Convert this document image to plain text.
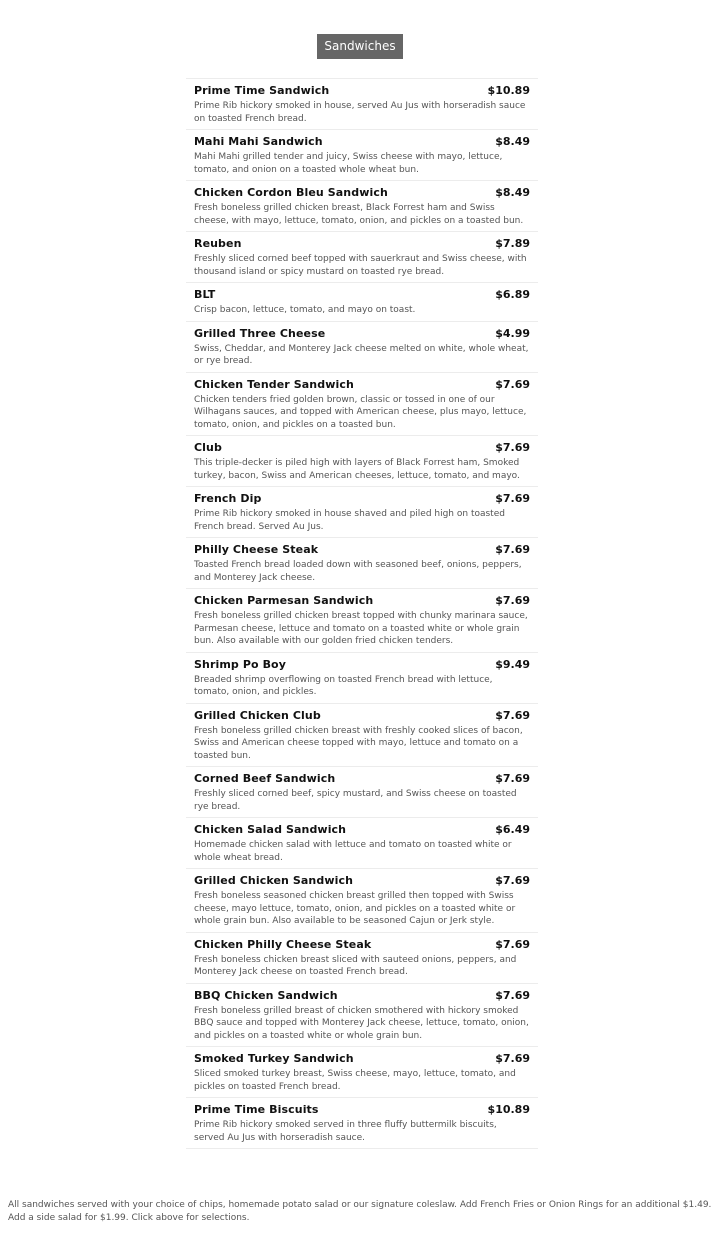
Sandwiches
Prime Time Sandwich	$10.89
Prime Rib hickory smoked in house, served Au Jus with horseradish sauce on toasted French bread.
Mahi Mahi Sandwich	$8.49
Mahi Mahi grilled tender and juicy, Swiss cheese with mayo, lettuce, tomato, and onion on a toasted whole wheat bun.
Chicken Cordon Bleu Sandwich	$8.49
Fresh boneless grilled chicken breast, Black Forrest ham and Swiss cheese, with mayo, lettuce, tomato, onion, and pickles on a toasted bun.
Reuben	$7.89
Freshly sliced corned beef topped with sauerkraut and Swiss cheese, with thousand island or spicy mustard on toasted rye bread.
BLT	$6.89
Crisp bacon, lettuce, tomato, and mayo on toast.
Grilled Three Cheese	$4.99
Swiss, Cheddar, and Monterey Jack cheese melted on white, whole wheat, or rye bread.
Chicken Tender Sandwich	$7.69
Chicken tenders fried golden brown, classic or tossed in one of our Wilhagans sauces, and topped with American cheese, plus mayo, lettuce, tomato, onion, and pickles on a toasted bun.
Club	$7.69
This triple-decker is piled high with layers of Black Forrest ham, Smoked turkey, bacon, Swiss and American cheeses, lettuce, tomato, and mayo.
French Dip	$7.69
Prime Rib hickory smoked in house shaved and piled high on toasted French bread. Served Au Jus.
Philly Cheese Steak	$7.69
Toasted French bread loaded down with seasoned beef, onions, peppers, and Monterey Jack cheese.
Chicken Parmesan Sandwich	$7.69
Fresh boneless grilled chicken breast topped with chunky marinara sauce, Parmesan cheese, lettuce and tomato on a toasted white or whole grain bun. Also available with our golden fried chicken tenders.
Shrimp Po Boy	$9.49
Breaded shrimp overflowing on toasted French bread with lettuce, tomato, onion, and pickles.
Grilled Chicken Club	$7.69
Fresh boneless grilled chicken breast with freshly cooked slices of bacon, Swiss and American cheese topped with mayo, lettuce and tomato on a toasted bun.
Corned Beef Sandwich	$7.69
Freshly sliced corned beef, spicy mustard, and Swiss cheese on toasted rye bread.
Chicken Salad Sandwich	$6.49
Homemade chicken salad with lettuce and tomato on toasted white or whole wheat bread.
Grilled Chicken Sandwich	$7.69
Fresh boneless seasoned chicken breast grilled then topped with Swiss cheese, mayo lettuce, tomato, onion, and pickles on a toasted white or whole grain bun. Also available to be seasoned Cajun or Jerk style.
Chicken Philly Cheese Steak	$7.69
Fresh boneless chicken breast sliced with sauteed onions, peppers, and Monterey Jack cheese on toasted French bread.
BBQ Chicken Sandwich	$7.69
Fresh boneless grilled breast of chicken smothered with hickory smoked BBQ sauce and topped with Monterey Jack cheese, lettuce, tomato, onion, and pickles on a toasted white or whole grain bun.
Smoked Turkey Sandwich	$7.69
Sliced smoked turkey breast, Swiss cheese, mayo, lettuce, tomato, and pickles on toasted French bread.
Prime Time Biscuits	$10.89
Prime Rib hickory smoked served in three fluffy buttermilk biscuits, served Au Jus with horseradish sauce.
All sandwiches served with your choice of chips, homemade potato salad or our signature coleslaw. Add French Fries or Onion Rings for an additional $1.49. Add a side salad for $1.99. Click above for selections.
